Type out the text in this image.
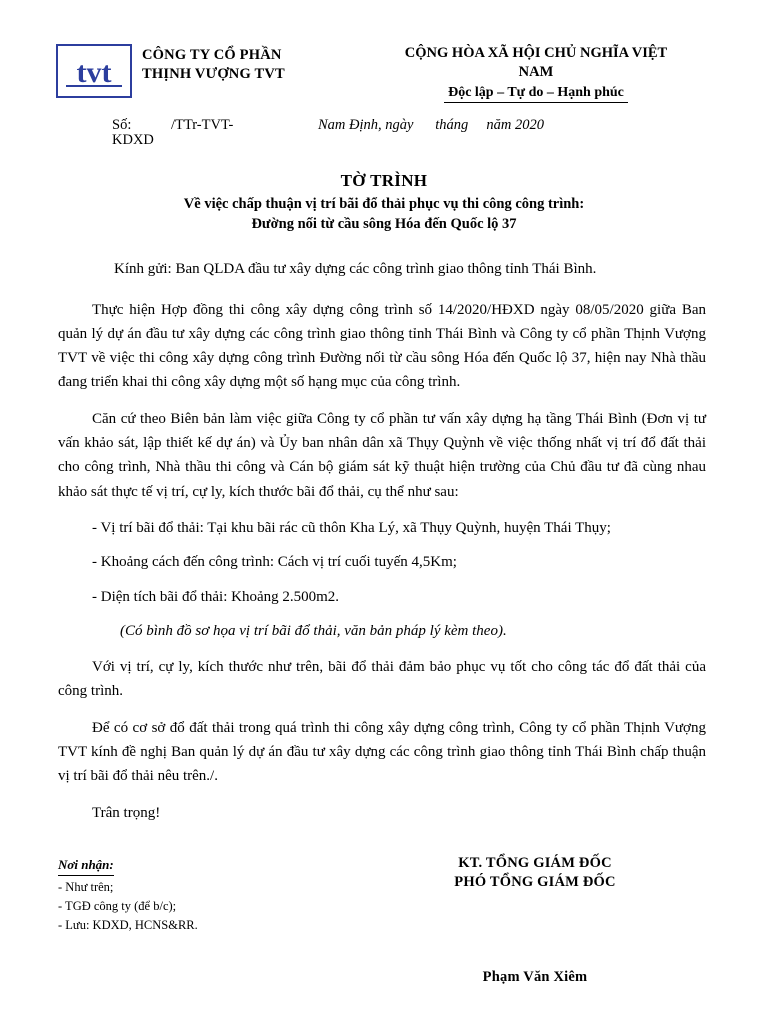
tvt
CÔNG TY CỔ PHẦN
THỊNH VƯỢNG TVT
CỘNG HÒA XÃ HỘI CHỦ NGHĨA VIỆT
NAM
Độc lập – Tự do – Hạnh phúc
Số:	/TTr-TVT-	Nam Định, ngày      tháng     năm 2020
KDXD
TỜ TRÌNH
Về việc chấp thuận vị trí bãi đổ thải phục vụ thi công công trình:
Đường nối từ cầu sông Hóa đến Quốc lộ 37

Kính gửi: Ban QLDA đầu tư xây dựng các công trình giao thông tỉnh Thái Bình.

Thực hiện Hợp đồng thi công xây dựng công trình số 14/2020/HĐXD ngày 08/05/2020 giữa Ban quản lý dự án đầu tư xây dựng các công trình giao thông tỉnh Thái Bình và Công ty cổ phần Thịnh Vượng TVT về việc thi công xây dựng công trình Đường nối từ cầu sông Hóa đến Quốc lộ 37, hiện nay Nhà thầu đang triển khai thi công xây dựng một số hạng mục của công trình.

Căn cứ theo Biên bản làm việc giữa Công ty cổ phần tư vấn xây dựng hạ tầng Thái Bình (Đơn vị tư vấn khảo sát, lập thiết kế dự án) và Ủy ban nhân dân xã Thụy Quỳnh về việc thống nhất vị trí đổ đất thải cho công trình, Nhà thầu thi công và Cán bộ giám sát kỹ thuật hiện trường của Chủ đầu tư đã cùng nhau khảo sát thực tế vị trí, cự ly, kích thước bãi đổ thải, cụ thể như sau:

- Vị trí bãi đổ thải: Tại khu bãi rác cũ thôn Kha Lý, xã Thụy Quỳnh, huyện Thái Thụy;

- Khoảng cách đến công trình: Cách vị trí cuối tuyến 4,5Km;

- Diện tích bãi đổ thải: Khoảng 2.500m2.

(Có bình đồ sơ họa vị trí bãi đổ thải, văn bản pháp lý kèm theo).

Với vị trí, cự ly, kích thước như trên, bãi đổ thải đảm bảo phục vụ tốt cho công tác đổ đất thải của công trình.

Để có cơ sở đổ đất thải trong quá trình thi công xây dựng công trình, Công ty cổ phần Thịnh Vượng TVT kính đề nghị Ban quản lý dự án đầu tư xây dựng các công trình giao thông tỉnh Thái Bình chấp thuận vị trí bãi đổ thải nêu trên./.

Trân trọng!

Nơi nhận:
- Như trên;
- TGĐ công ty (để b/c);
- Lưu: KDXD, HCNS&RR.
KT. TỔNG GIÁM ĐỐC
PHÓ TỔNG GIÁM ĐỐC
Phạm Văn Xiêm
